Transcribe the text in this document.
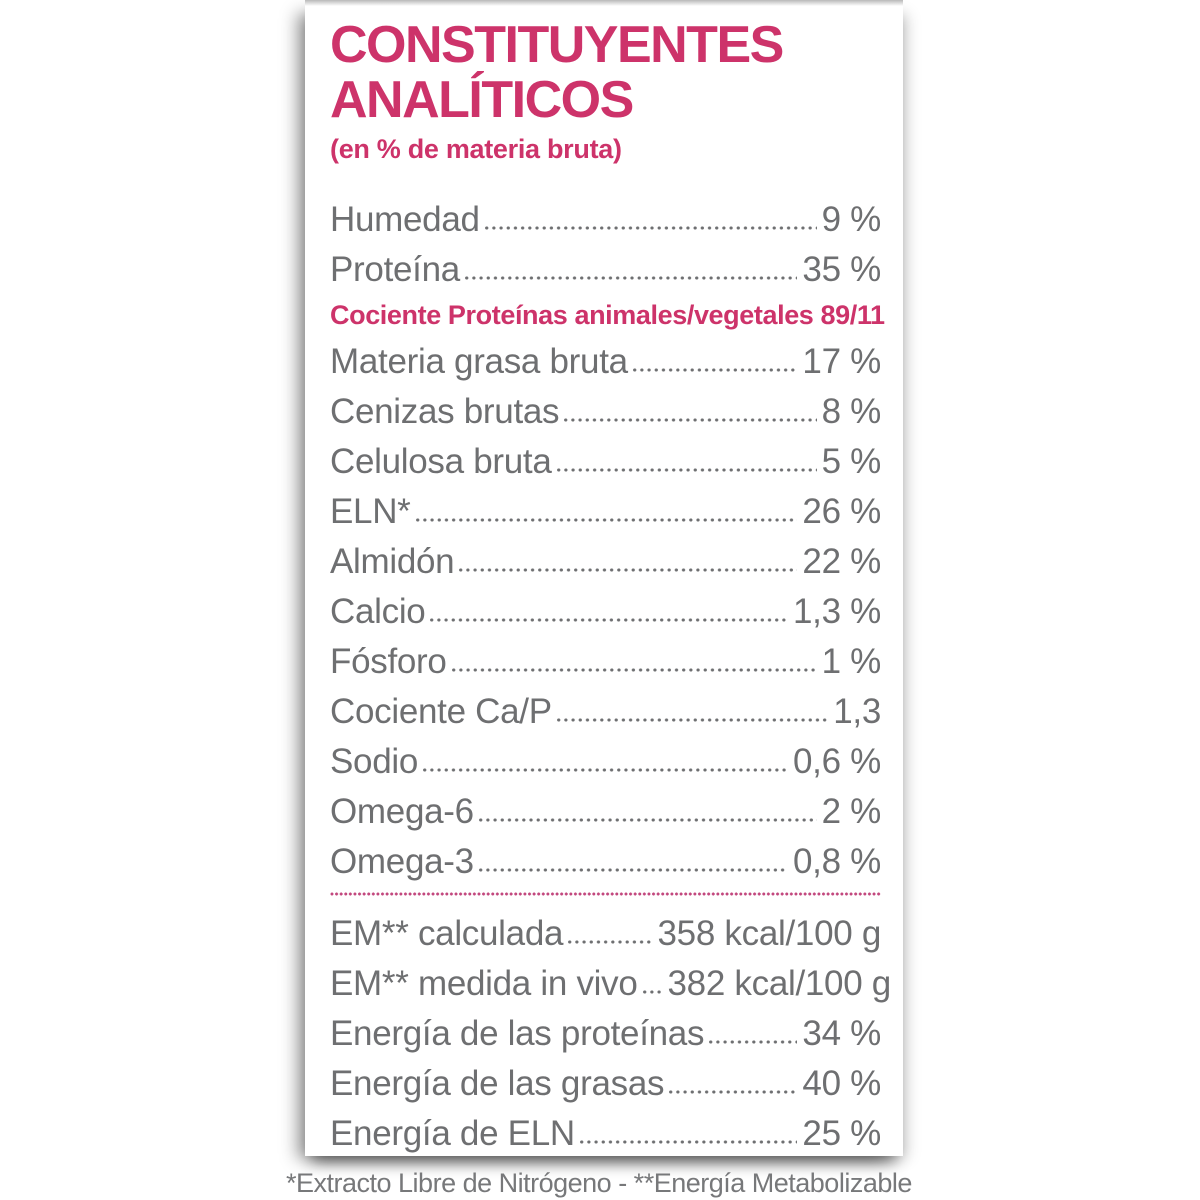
CONSTITUYENTES
ANALÍTICOS
(en % de materia bruta)
Humedad	9 %
Proteína	35 %
Cociente Proteínas animales/vegetales 89/11
Materia grasa bruta	17 %
Cenizas brutas	8 %
Celulosa bruta	5 %
ELN*	26 %
Almidón	22 %
Calcio	1,3 %
Fósforo	1 %
Cociente Ca/P	1,3
Sodio	0,6 %
Omega-6	2 %
Omega-3	0,8 %
EM** calculada	358 kcal/100 g
EM** medida in vivo 382 kcal/100 g
Energía de las proteínas	34 %
Energía de las grasas	40 %
Energía de ELN	25 %
*Extracto Libre de Nitrógeno - **Energía Metabolizable
